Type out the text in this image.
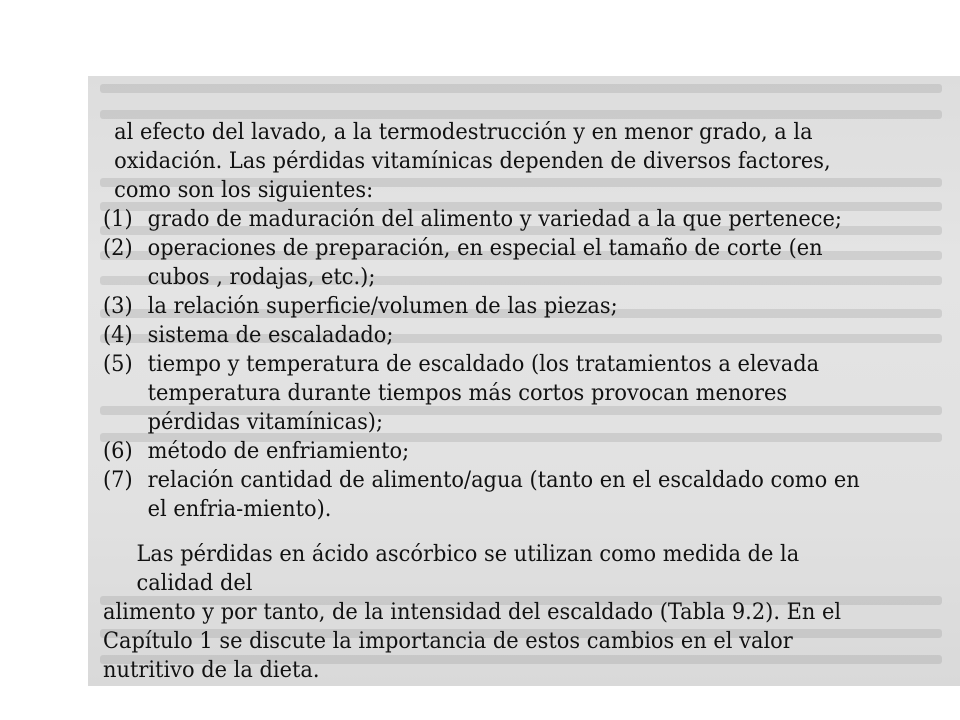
al efecto del lavado, a la termodestrucción y en menor grado, a la oxidación. Las pérdidas vitamínicas dependen de diversos factores, como son los siguientes:

(1) grado de maduración del alimento y variedad a la que pertenece;

(2) operaciones de preparación, en especial el tamaño de corte (en cubos , rodajas, etc.);

(3) la relación superficie/volumen de las piezas;

(4) sistema de escaladado;

(5) tiempo y temperatura de escaldado (los tratamientos a elevada temperatura durante tiempos más cortos provocan menores pérdidas vitamínicas);

(6) método de enfriamiento;

(7) relación cantidad de alimento/agua (tanto en el escaldado como en el enfria-miento).

Las pérdidas en ácido ascórbico se utilizan como medida de la calidad del
alimento y por tanto, de la intensidad del escaldado (Tabla 9.2). En el Capítulo 1 se discute la importancia de estos cambios en el valor nutritivo de la dieta.
